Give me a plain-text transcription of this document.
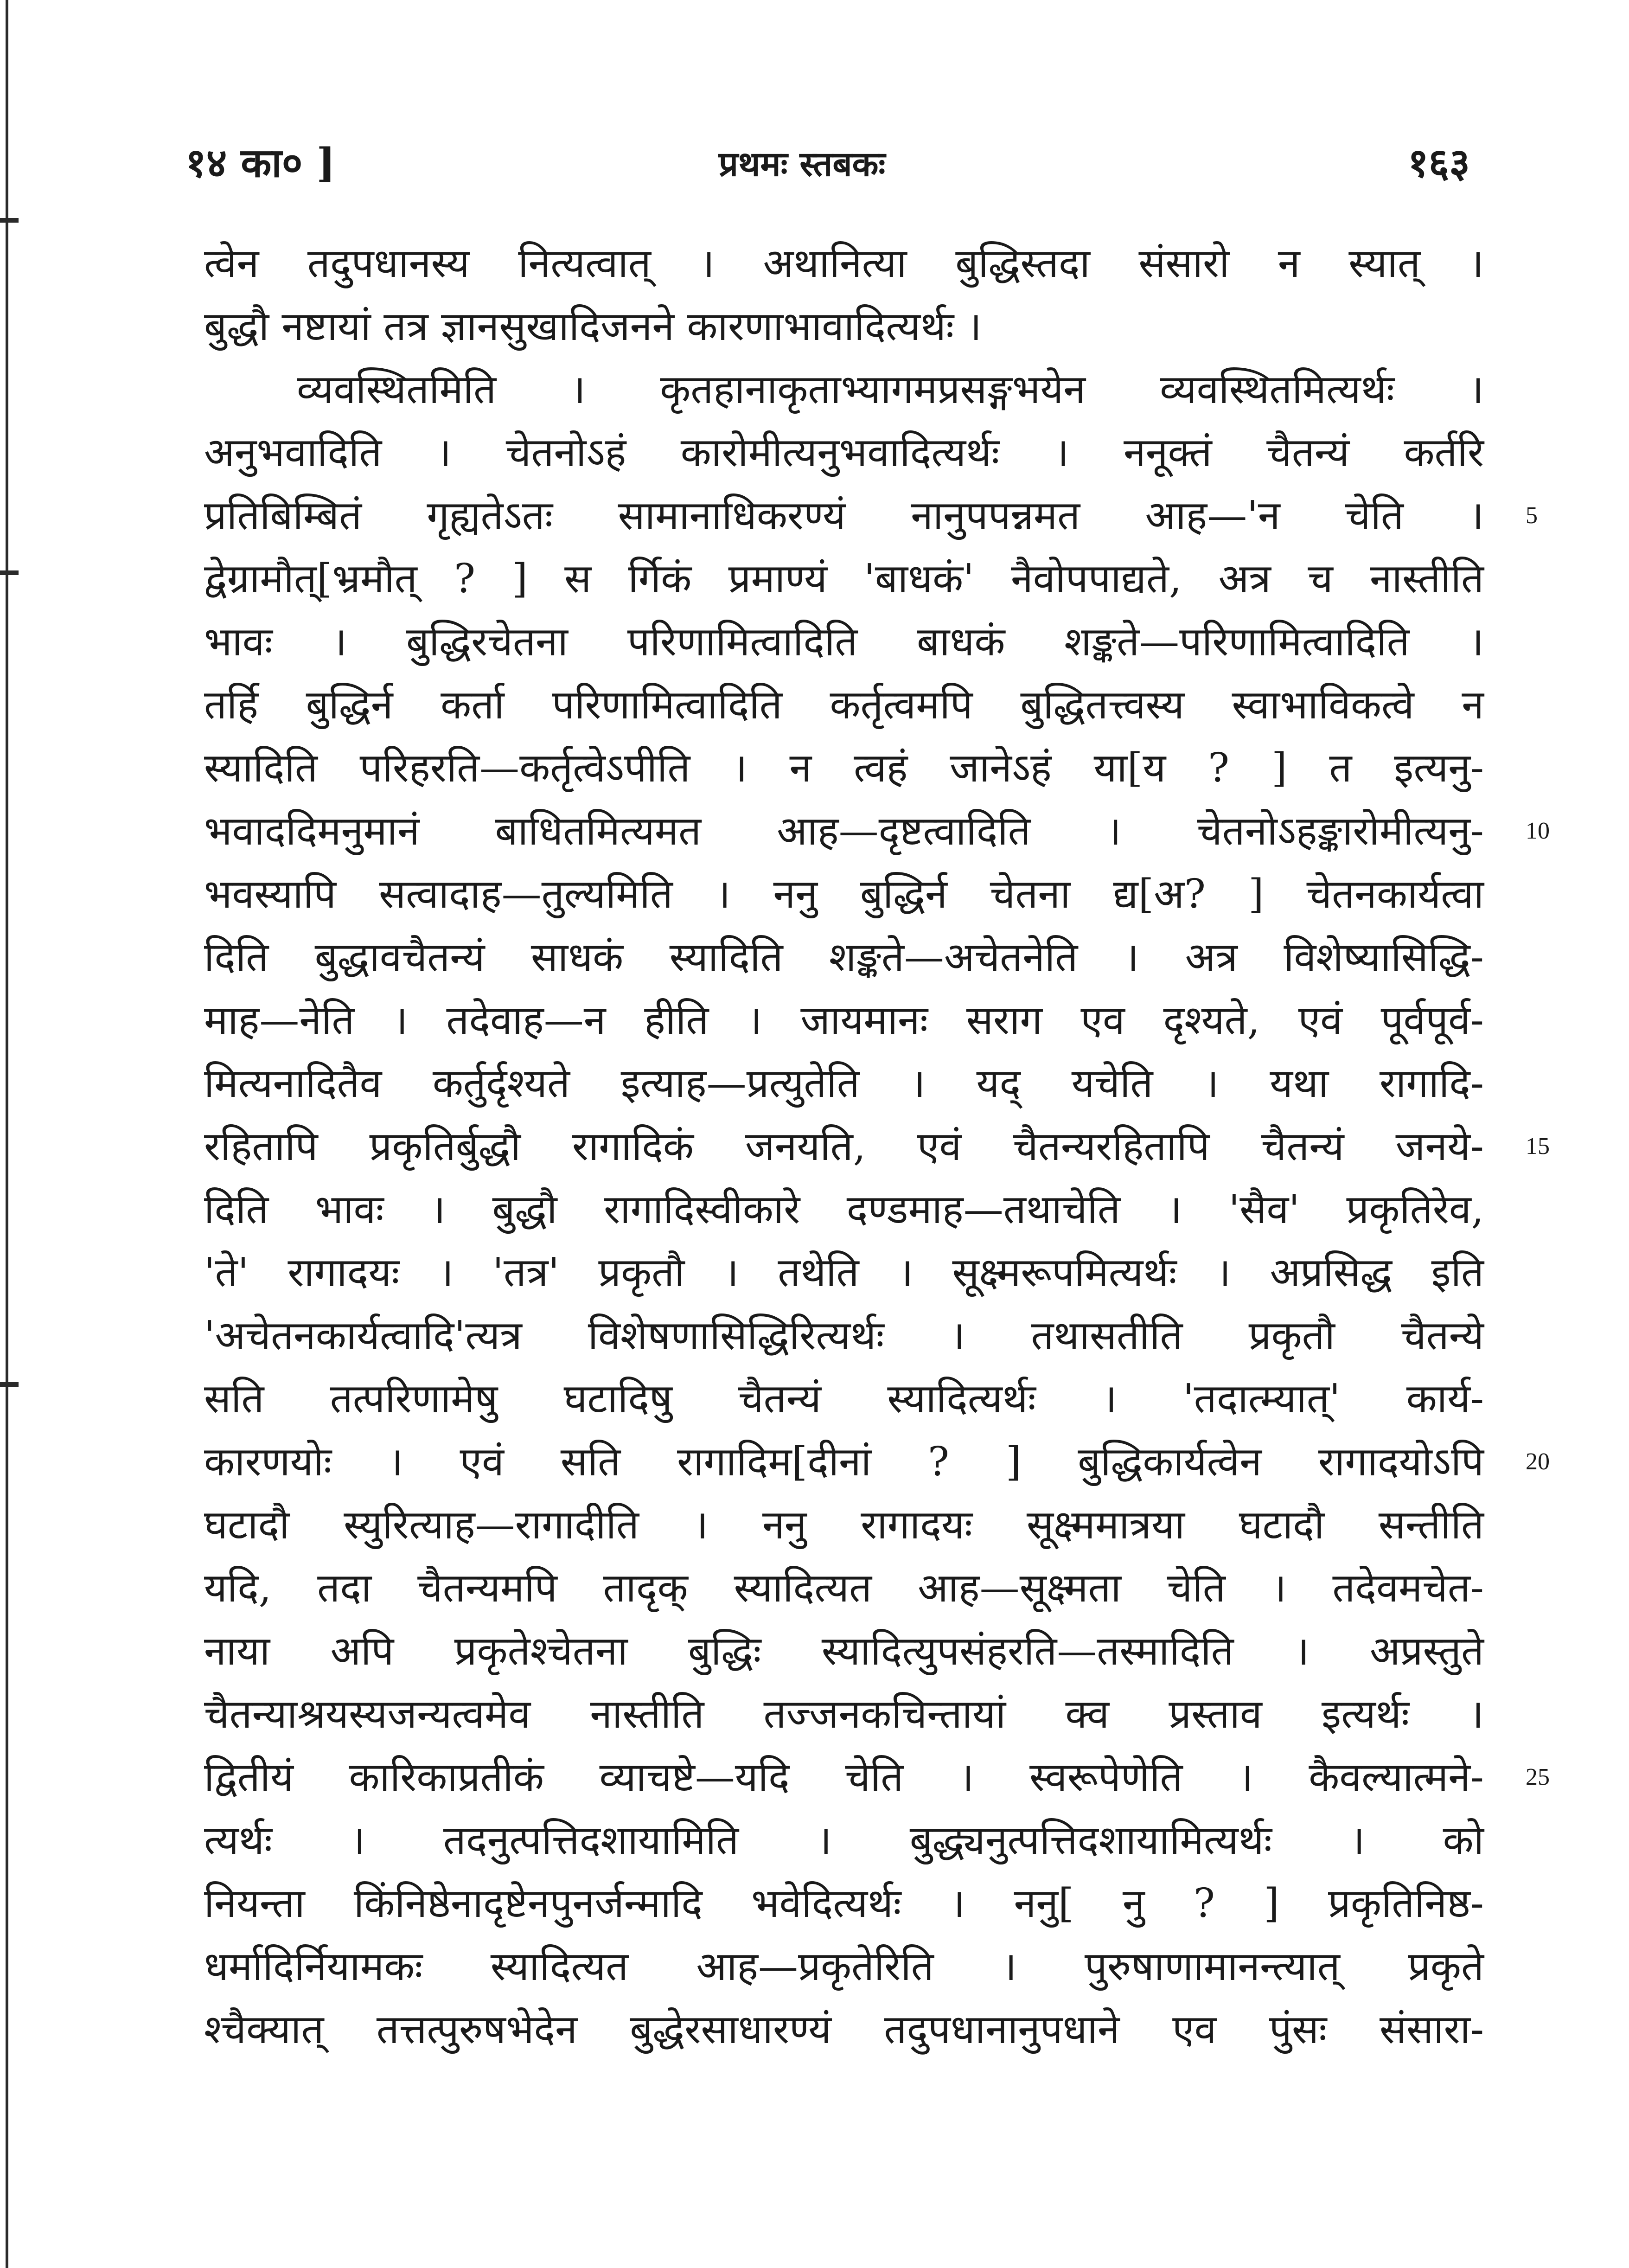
१४ का० ]	प्रथमः स्तबकः	१६३
त्वेन तदुपधानस्य नित्यत्वात् । अथानित्या बुद्धिस्तदा संसारो न स्यात् ।
बुद्धौ नष्टायां तत्र ज्ञानसुखादिजनने कारणाभावादित्यर्थः ।
व्यवस्थितमिति । कृतहानाकृताभ्यागमप्रसङ्गभयेन व्यवस्थितमित्यर्थः ।
अनुभवादिति । चेतनोऽहं कारोमीत्यनुभवादित्यर्थः । ननूक्तं चैतन्यं कर्तरि
प्रतिबिम्बितं गृह्यतेऽतः सामानाधिकरण्यं नानुपपन्नमत आह—'न चेति । 5
द्वेग्रामौत्[भ्रमौत् ? ] स र्गिकं प्रमाण्यं 'बाधकं' नैवोपपाद्यते, अत्र च नास्तीति
भावः । बुद्धिरचेतना परिणामित्वादिति बाधकं शङ्कते—परिणामित्वादिति ।
तर्हि बुद्धिर्न कर्ता परिणामित्वादिति कर्तृत्वमपि बुद्धितत्त्वस्य स्वाभाविकत्वे न
स्यादिति परिहरति—कर्तृत्वेऽपीति । न त्वहं जानेऽहं या[य ? ] त इत्यनु-
भवाददिमनुमानं बाधितमित्यमत आह—दृष्टत्वादिति । चेतनोऽहङ्कारोमीत्यनु- 10
भवस्यापि सत्वादाह—तुल्यमिति । ननु बुद्धिर्न चेतना द्य[अ? ] चेतनकार्यत्वा
दिति बुद्धावचैतन्यं साधकं स्यादिति शङ्कते—अचेतनेति । अत्र विशेष्यासिद्धि-
माह—नेति । तदेवाह—न हीति । जायमानः सराग एव दृश्यते, एवं पूर्वपूर्व-
मित्यनादितैव कर्तुर्दृश्यते इत्याह—प्रत्युतेति । यद् यचेति । यथा रागादि-
रहितापि प्रकृतिर्बुद्धौ रागादिकं जनयति, एवं चैतन्यरहितापि चैतन्यं जनये- 15
दिति भावः । बुद्धौ रागादिस्वीकारे दण्डमाह—तथाचेति । 'सैव' प्रकृतिरेव,
'ते' रागादयः । 'तत्र' प्रकृतौ । तथेति । सूक्ष्मरूपमित्यर्थः । अप्रसिद्ध इति
'अचेतनकार्यत्वादि'त्यत्र विशेषणासिद्धिरित्यर्थः । तथासतीति प्रकृतौ चैतन्ये
सति तत्परिणामेषु घटादिषु चैतन्यं स्यादित्यर्थः । 'तदात्म्यात्' कार्य-
कारणयोः । एवं सति रागादिम[दीनां ? ] बुद्धिकार्यत्वेन रागादयोऽपि 20
घटादौ स्युरित्याह—रागादीति । ननु रागादयः सूक्ष्ममात्रया घटादौ सन्तीति
यदि, तदा चैतन्यमपि तादृक् स्यादित्यत आह—सूक्ष्मता चेति । तदेवमचेत-
नाया अपि प्रकृतेश्चेतना बुद्धिः स्यादित्युपसंहरति—तस्मादिति । अप्रस्तुते
चैतन्याश्रयस्यजन्यत्वमेव नास्तीति तज्जनकचिन्तायां क्व प्रस्ताव इत्यर्थः ।
द्वितीयं कारिकाप्रतीकं व्याचष्टे—यदि चेति । स्वरूपेणेति । कैवल्यात्मने- 25
त्यर्थः । तदनुत्पत्तिदशायामिति । बुद्ध्यनुत्पत्तिदशायामित्यर्थः । को
नियन्ता किंनिष्ठेनादृष्टेनपुनर्जन्मादि भवेदित्यर्थः । ननु[ नु ? ] प्रकृतिनिष्ठ-
धर्मादिर्नियामकः स्यादित्यत आह—प्रकृतेरिति । पुरुषाणामानन्त्यात् प्रकृते
श्चैक्यात् तत्तत्पुरुषभेदेन बुद्धेरसाधारण्यं तदुपधानानुपधाने एव पुंसः संसारा-
